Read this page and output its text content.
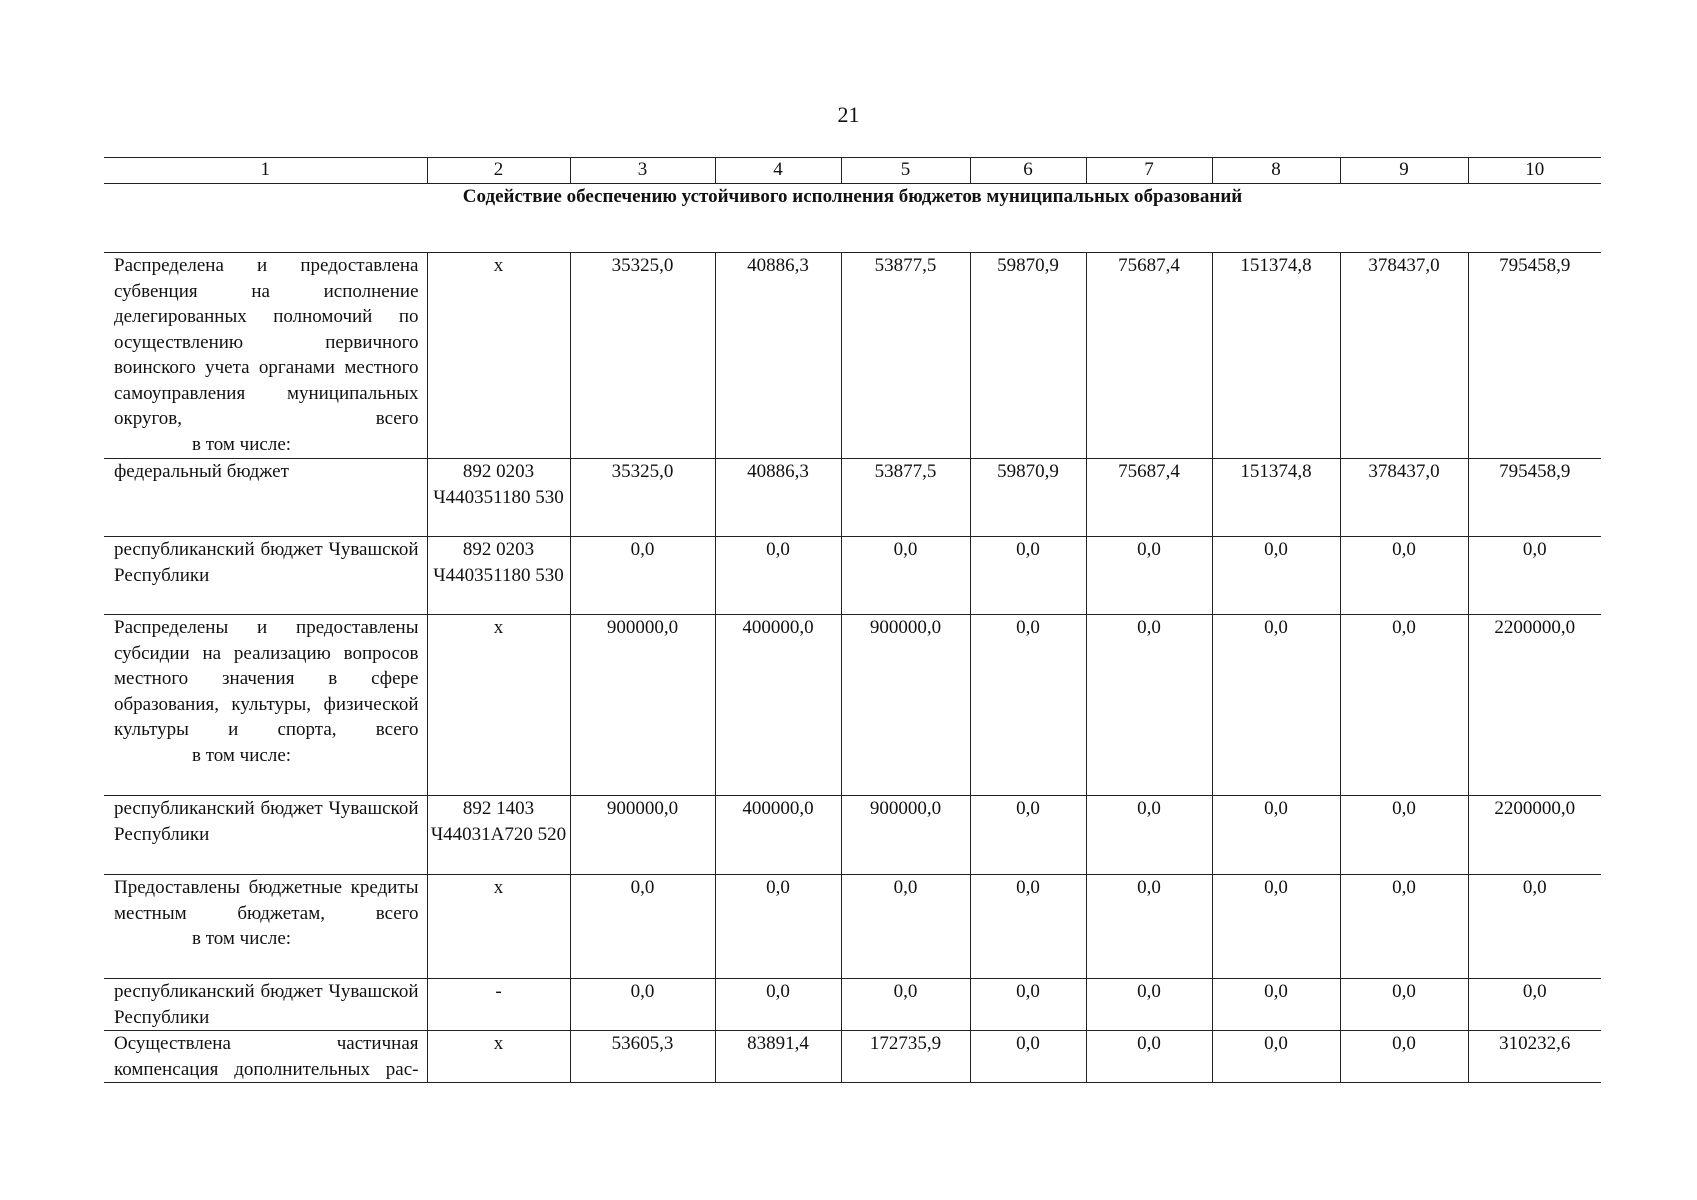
21
1	2	3	4	5	6	7	8	9	10
Содействие обеспечению устойчивого исполнения бюджетов муниципальных образований									
Распределена и предоставлена субвенция на исполнение делегированных полномочий по осуществлению первичного воинского учета органами местного самоуправления муниципальных округов, всего
в том числе:	х	35325,0	40886,3	53877,5	59870,9	75687,4	151374,8	378437,0	795458,9

федеральный бюджет	892 0203 Ч440351180 530	35325,0	40886,3	53877,5	59870,9	75687,4	151374,8	378437,0	795458,9
республиканский бюджет Чувашской Республики	892 0203 Ч440351180 530	0,0	0,0	0,0	0,0	0,0	0,0	0,0	0,0
Распределены и предоставлены субсидии на реализацию вопросов местного значения в сфере образования, культуры, физической культуры и спорта, всего
в том числе:	х	900000,0	400000,0	900000,0	0,0	0,0	0,0	0,0	2200000,0
республиканский бюджет Чувашской Республики	892 1403 Ч44031А720 520	900000,0	400000,0	900000,0	0,0	0,0	0,0	0,0	2200000,0
Предоставлены бюджетные кредиты местным бюджетам, всего
в том числе:	х	0,0	0,0	0,0	0,0	0,0	0,0	0,0	0,0
республиканский бюджет Чувашской Республики	-	0,0	0,0	0,0	0,0	0,0	0,0	0,0	0,0
Осуществлена частичная компенсация дополнительных рас-	х	53605,3	83891,4	172735,9	0,0	0,0	0,0	0,0	310232,6
